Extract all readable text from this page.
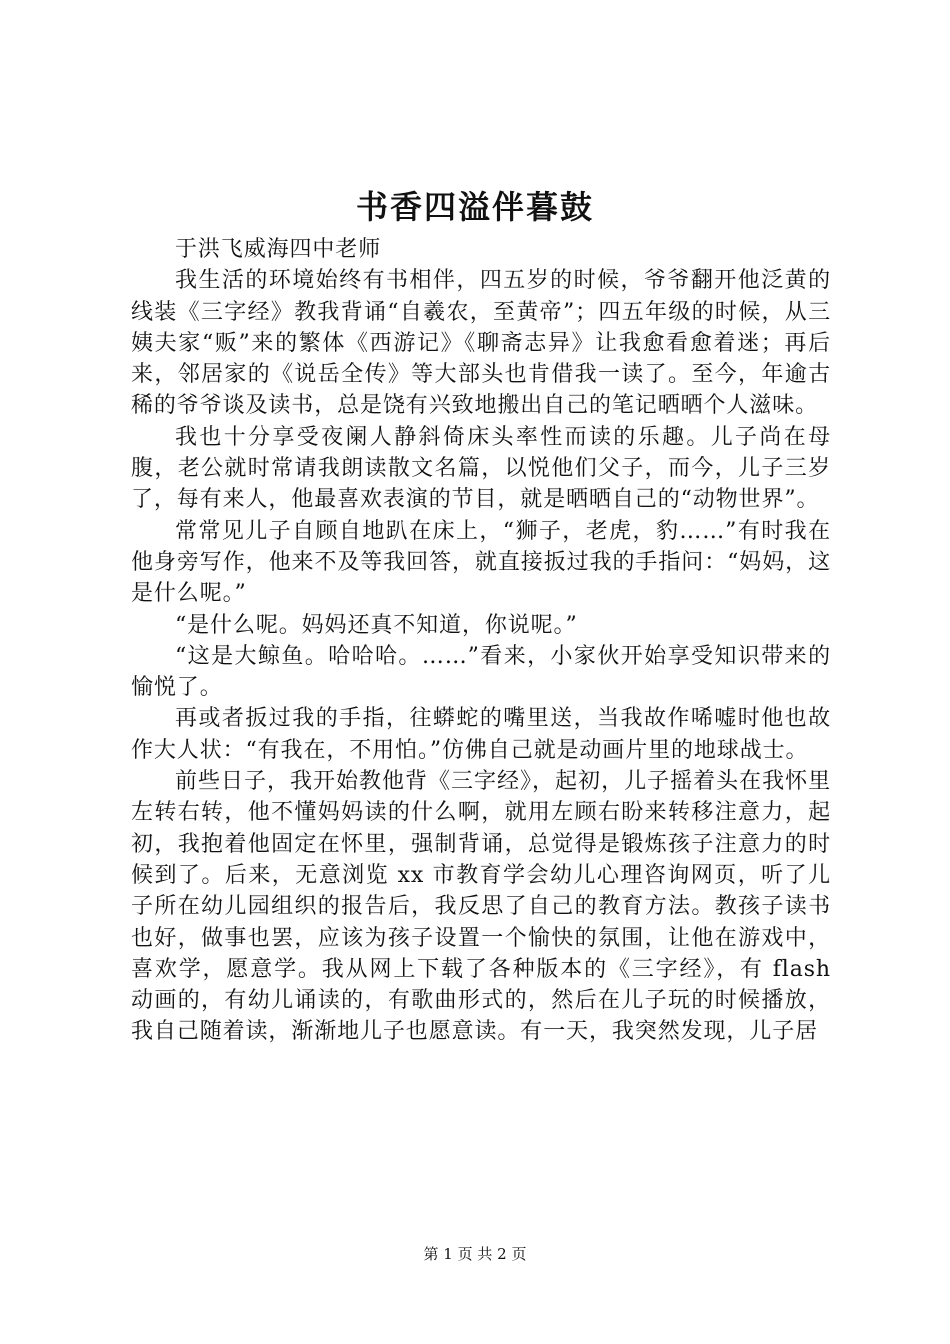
书香四溢伴暮鼓

于洪飞威海四中老师

我生活的环境始终有书相伴，四五岁的时候，爷爷翻开他泛黄的线装《三字经》教我背诵“自羲农，至黄帝”；四五年级的时候，从三姨夫家“贩”来的繁体《西游记》《聊斋志异》让我愈看愈着迷；再后来，邻居家的《说岳全传》等大部头也肯借我一读了。至今，年逾古稀的爷爷谈及读书，总是饶有兴致地搬出自己的笔记晒晒个人滋味。

我也十分享受夜阑人静斜倚床头率性而读的乐趣。儿子尚在母腹，老公就时常请我朗读散文名篇，以悦他们父子，而今，儿子三岁了，每有来人，他最喜欢表演的节目，就是晒晒自己的“动物世界”。

常常见儿子自顾自地趴在床上，“狮子，老虎，豹……”有时我在他身旁写作，他来不及等我回答，就直接扳过我的手指问：“妈妈，这是什么呢。”

“是什么呢。妈妈还真不知道，你说呢。”

“这是大鲸鱼。哈哈哈。……”看来，小家伙开始享受知识带来的愉悦了。

再或者扳过我的手指，往蟒蛇的嘴里送，当我故作唏嘘时他也故作大人状：“有我在，不用怕。”仿佛自己就是动画片里的地球战士。

前些日子，我开始教他背《三字经》，起初，儿子摇着头在我怀里左转右转，他不懂妈妈读的什么啊，就用左顾右盼来转移注意力，起初，我抱着他固定在怀里，强制背诵，总觉得是锻炼孩子注意力的时候到了。后来，无意浏览 xx 市教育学会幼儿心理咨询网页，听了儿子所在幼儿园组织的报告后，我反思了自己的教育方法。教孩子读书也好，做事也罢，应该为孩子设置一个愉快的氛围，让他在游戏中，喜欢学，愿意学。我从网上下载了各种版本的《三字经》，有 flash 动画的，有幼儿诵读的，有歌曲形式的，然后在儿子玩的时候播放，我自己随着读，渐渐地儿子也愿意读。有一天，我突然发现，儿子居

第 1 页 共 2 页
